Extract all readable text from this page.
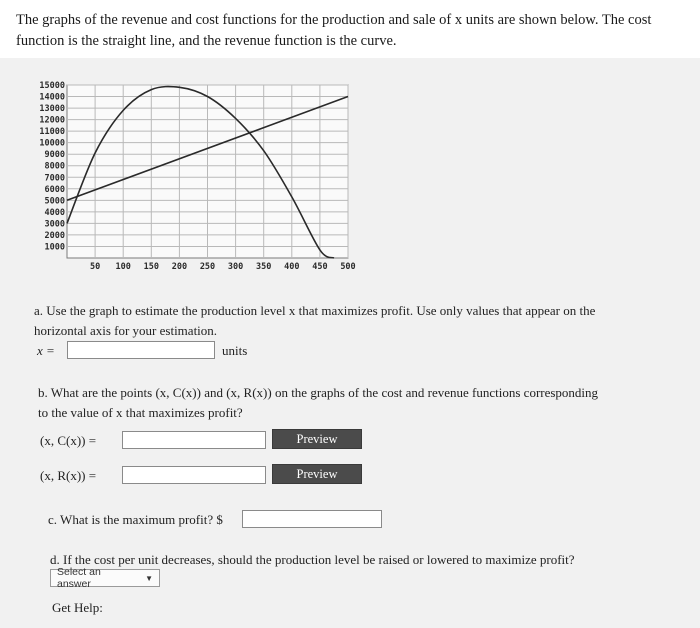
The graphs of the revenue and cost functions for the production and sale of x units are shown below. The cost
function is the straight line, and the revenue function is the curve.
1000
2000
3000
4000
5000
6000
7000
8000
9000
10000
11000
12000
13000
14000
15000
50 100 150 200 250 300 350 400 450 500
a. Use the graph to estimate the production level x that maximizes profit. Use only values that appear on the
horizontal axis for your estimation.
x =	units
b. What are the points (x, C(x)) and (x, R(x)) on the graphs of the cost and revenue functions corresponding
to the value of x that maximizes profit?
(x, C(x)) =	Preview
(x, R(x)) =	Preview
c. What is the maximum profit? $
d. If the cost per unit decreases, should the production level be raised or lowered to maximize profit?
Select an answer	▼
Get Help:
